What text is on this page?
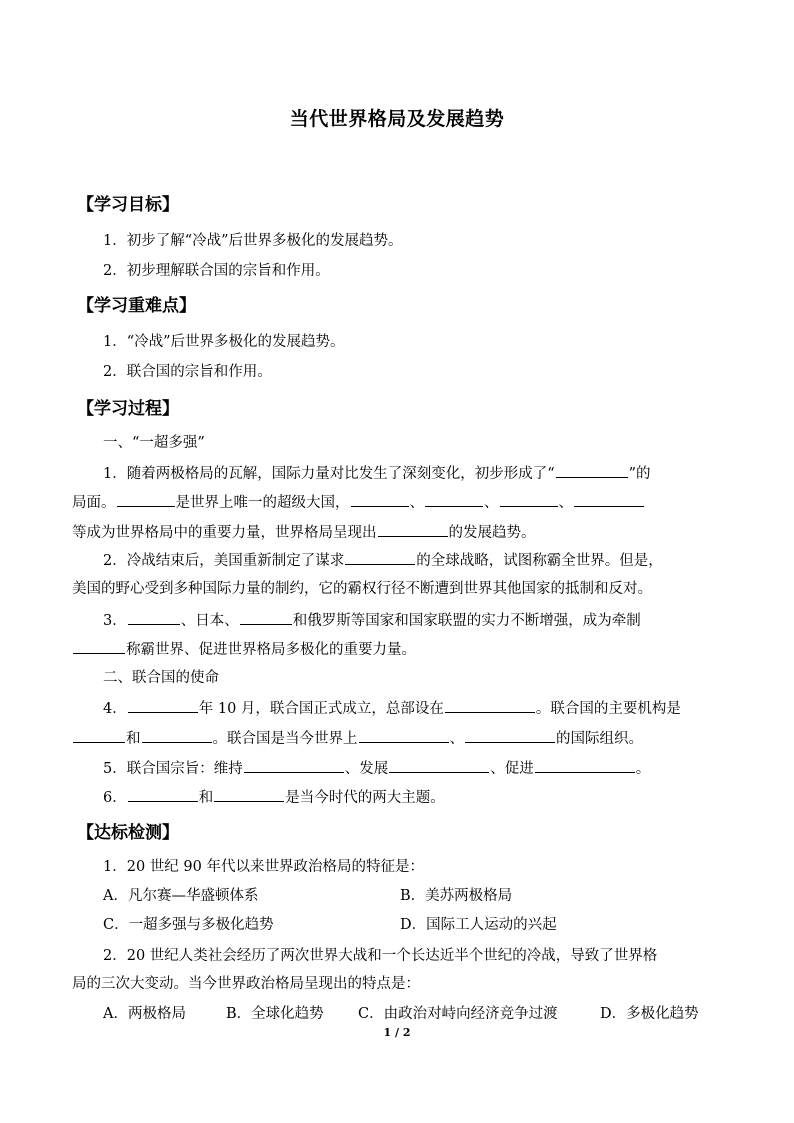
当代世界格局及发展趋势
【学习目标】
1．初步了解“冷战”后世界多极化的发展趋势。
2．初步理解联合国的宗旨和作用。
【学习重难点】
1．“冷战”后世界多极化的发展趋势。
2．联合国的宗旨和作用。
【学习过程】
一、“一超多强”
1．随着两极格局的瓦解，国际力量对比发生了深刻变化，初步形成了“	”的
局面。	是世界上唯一的超级大国，	、	、	、
等成为世界格局中的重要力量，世界格局呈现出	的发展趋势。
2．冷战结束后，美国重新制定了谋求	的全球战略，试图称霸全世界。但是，
美国的野心受到多种国际力量的制约，它的霸权行径不断遭到世界其他国家的抵制和反对。
3．	、日本、	和俄罗斯等国家和国家联盟的实力不断增强，成为牵制
称霸世界、促进世界格局多极化的重要力量。
二、联合国的使命
4．	年 10 月，联合国正式成立，总部设在	。联合国的主要机构是
和	。联合国是当今世界上	、	的国际组织。
5．联合国宗旨：维持	、发展	、促进	。
6．	和	是当今时代的两大主题。
【达标检测】
1．20 世纪 90 年代以来世界政治格局的特征是：
A．凡尔赛—华盛顿体系	B．美苏两极格局
C．一超多强与多极化趋势	D．国际工人运动的兴起
2．20 世纪人类社会经历了两次世界大战和一个长达近半个世纪的冷战，导致了世界格
局的三次大变动。当今世界政治格局呈现出的特点是：
A．两极格局	B．全球化趋势 C．由政治对峙向经济竞争过渡	D．多极化趋势
1 / 2
